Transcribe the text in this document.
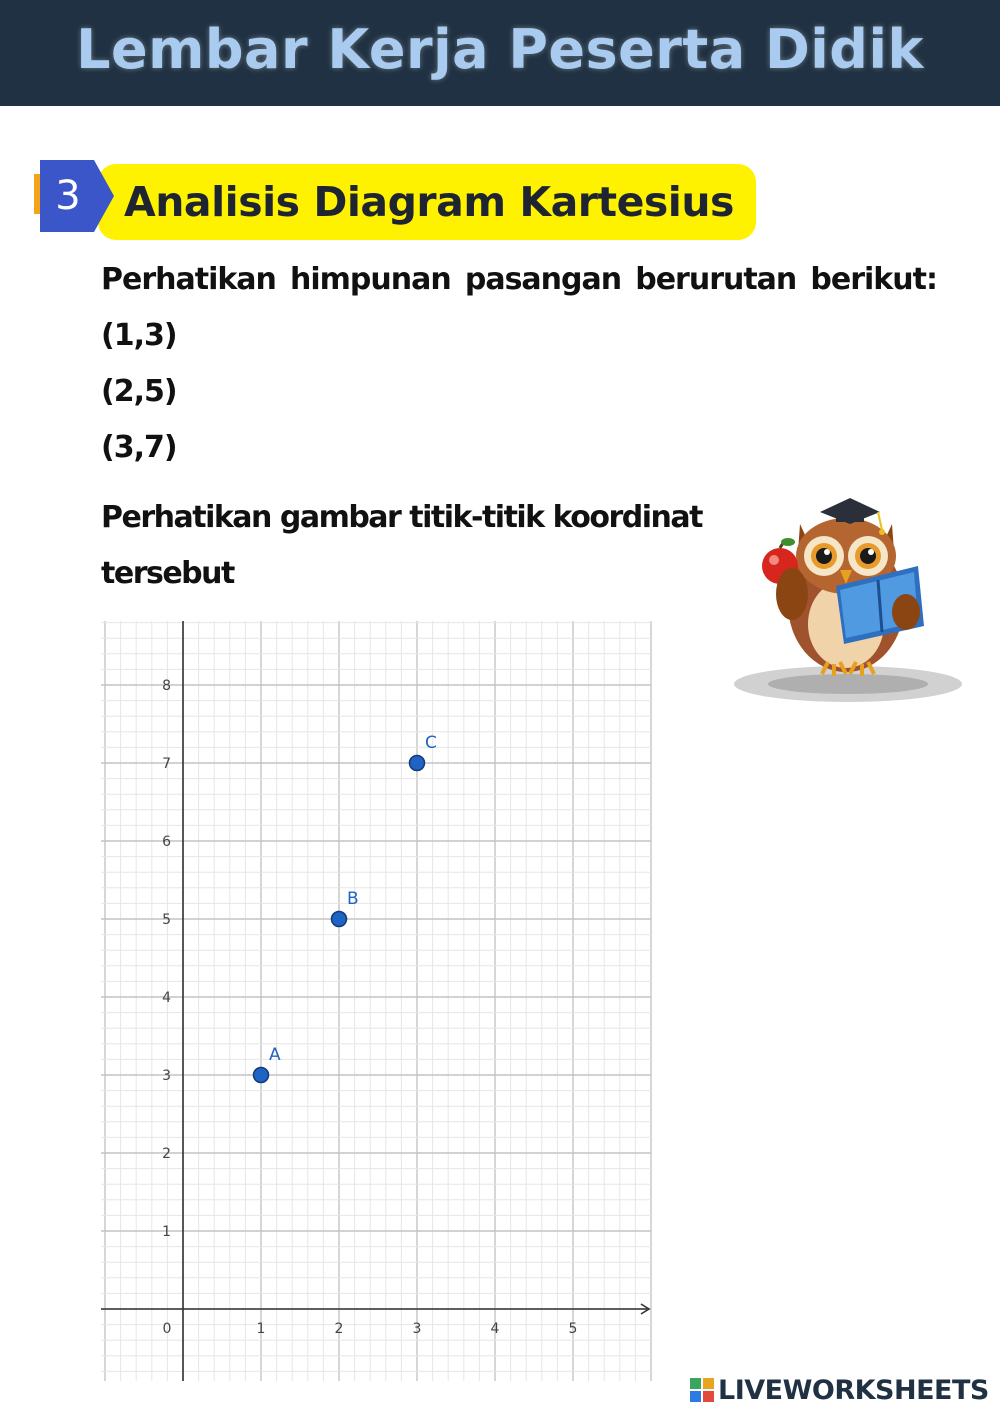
Lembar Kerja Peserta Didik
3	Analisis Diagram Kartesius
Perhatikan himpunan pasangan berurutan berikut:
(1,3)
(2,5)
(3,7)
Perhatikan gambar titik-titik koordinat
tersebut
0	1	2	3	4	5
1
2
3
4
5
6
7
8
A
B
C
LIVEWORKSHEETS
